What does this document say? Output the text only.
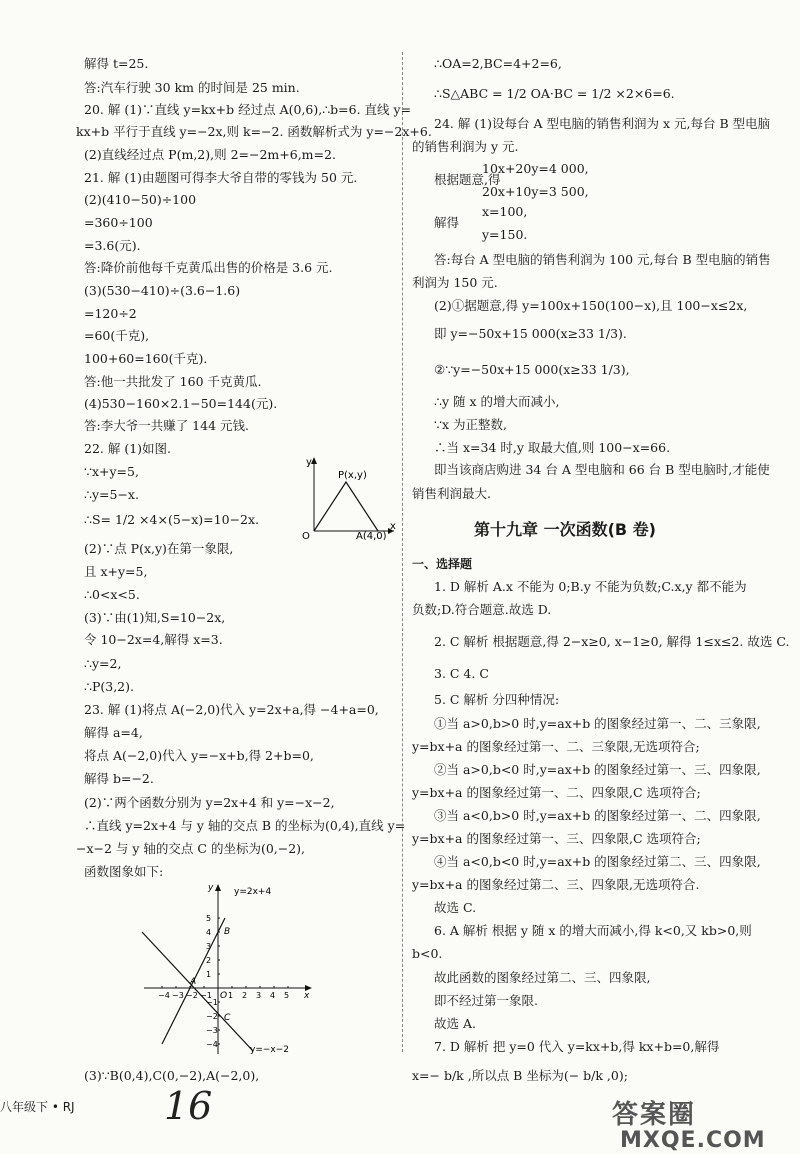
解得 t=25.
答:汽车行驶 30 km 的时间是 25 min.
20. 解 (1)∵直线 y=kx+b 经过点 A(0,6),∴b=6. 直线 y=
kx+b 平行于直线 y=−2x,则 k=−2. 函数解析式为 y=−2x+6.
(2)直线经过点 P(m,2),则 2=−2m+6,m=2.
21. 解 (1)由题图可得李大爷自带的零钱为 50 元.
(2)(410−50)÷100
=360÷100
=3.6(元).
答:降价前他每千克黄瓜出售的价格是 3.6 元.
(3)(530−410)÷(3.6−1.6)
=120÷2
=60(千克),
100+60=160(千克).
答:他一共批发了 160 千克黄瓜.
(4)530−160×2.1−50=144(元).
答:李大爷一共赚了 144 元钱.
22. 解 (1)如图.
∵x+y=5,
∴y=5−x.
∴S= 1/2 ×4×(5−x)=10−2x.
(2)∵点 P(x,y)在第一象限,
且 x+y=5,
∴0<x<5.
(3)∵由(1)知,S=10−2x,
令 10−2x=4,解得 x=3.
∴y=2,
∴P(3,2).
23. 解 (1)将点 A(−2,0)代入 y=2x+a,得 −4+a=0,
解得 a=4,
将点 A(−2,0)代入 y=−x+b,得 2+b=0,
解得 b=−2.
(2)∵两个函数分别为 y=2x+4 和 y=−x−2,
∴直线 y=2x+4 与 y 轴的交点 B 的坐标为(0,4),直线 y=
−x−2 与 y 轴的交点 C 的坐标为(0,−2),
函数图象如下:
(3)∵B(0,4),C(0,−2),A(−2,0),
y
x
O
P(x,y)
A(4,0)
y=2x+4
y=−x−2
B
A
C
O	x
y
−4 −3 −2 −1 1 2 3 4 5
5
4
3
2
1
−1
−2
−3
−4
∴OA=2,BC=4+2=6,
∴S△ABC = 1/2 OA·BC = 1/2 ×2×6=6.
24. 解 (1)设每台 A 型电脑的销售利润为 x 元,每台 B 型电脑
的销售利润为 y 元.
10x+20y=4 000,
根据题意,得
20x+10y=3 500,
x=100,
解得
y=150.
答:每台 A 型电脑的销售利润为 100 元,每台 B 型电脑的销售
利润为 150 元.
(2)①据题意,得 y=100x+150(100−x),且 100−x≤2x,
即 y=−50x+15 000(x≥33 1/3).
②∵y=−50x+15 000(x≥33 1/3),
∴y 随 x 的增大而减小,
∵x 为正整数,
∴当 x=34 时,y 取最大值,则 100−x=66.
即当该商店购进 34 台 A 型电脑和 66 台 B 型电脑时,才能使
销售利润最大.
第十九章 一次函数(B 卷)
一、选择题
1. D 解析 A.x 不能为 0;B.y 不能为负数;C.x,y 都不能为
负数;D.符合题意.故选 D.
2. C 解析 根据题意,得 2−x≥0, x−1≥0, 解得 1≤x≤2. 故选 C.
3. C 4. C
5. C 解析 分四种情况:
①当 a>0,b>0 时,y=ax+b 的图象经过第一、二、三象限,
y=bx+a 的图象经过第一、二、三象限,无选项符合;
②当 a>0,b<0 时,y=ax+b 的图象经过第一、三、四象限,
y=bx+a 的图象经过第一、二、四象限,C 选项符合;
③当 a<0,b>0 时,y=ax+b 的图象经过第一、二、四象限,
y=bx+a 的图象经过第一、三、四象限,C 选项符合;
④当 a<0,b<0 时,y=ax+b 的图象经过第二、三、四象限,
y=bx+a 的图象经过第二、三、四象限,无选项符合.
故选 C.
6. A 解析 根据 y 随 x 的增大而减小,得 k<0,又 kb>0,则
b<0.
故此函数的图象经过第二、三、四象限,
即不经过第一象限.
故选 A.
7. D 解析 把 y=0 代入 y=kx+b,得 kx+b=0,解得
x=− b/k ,所以点 B 坐标为(− b/k ,0);
八年级下 • RJ 16	答案圈
MXQE.COM
